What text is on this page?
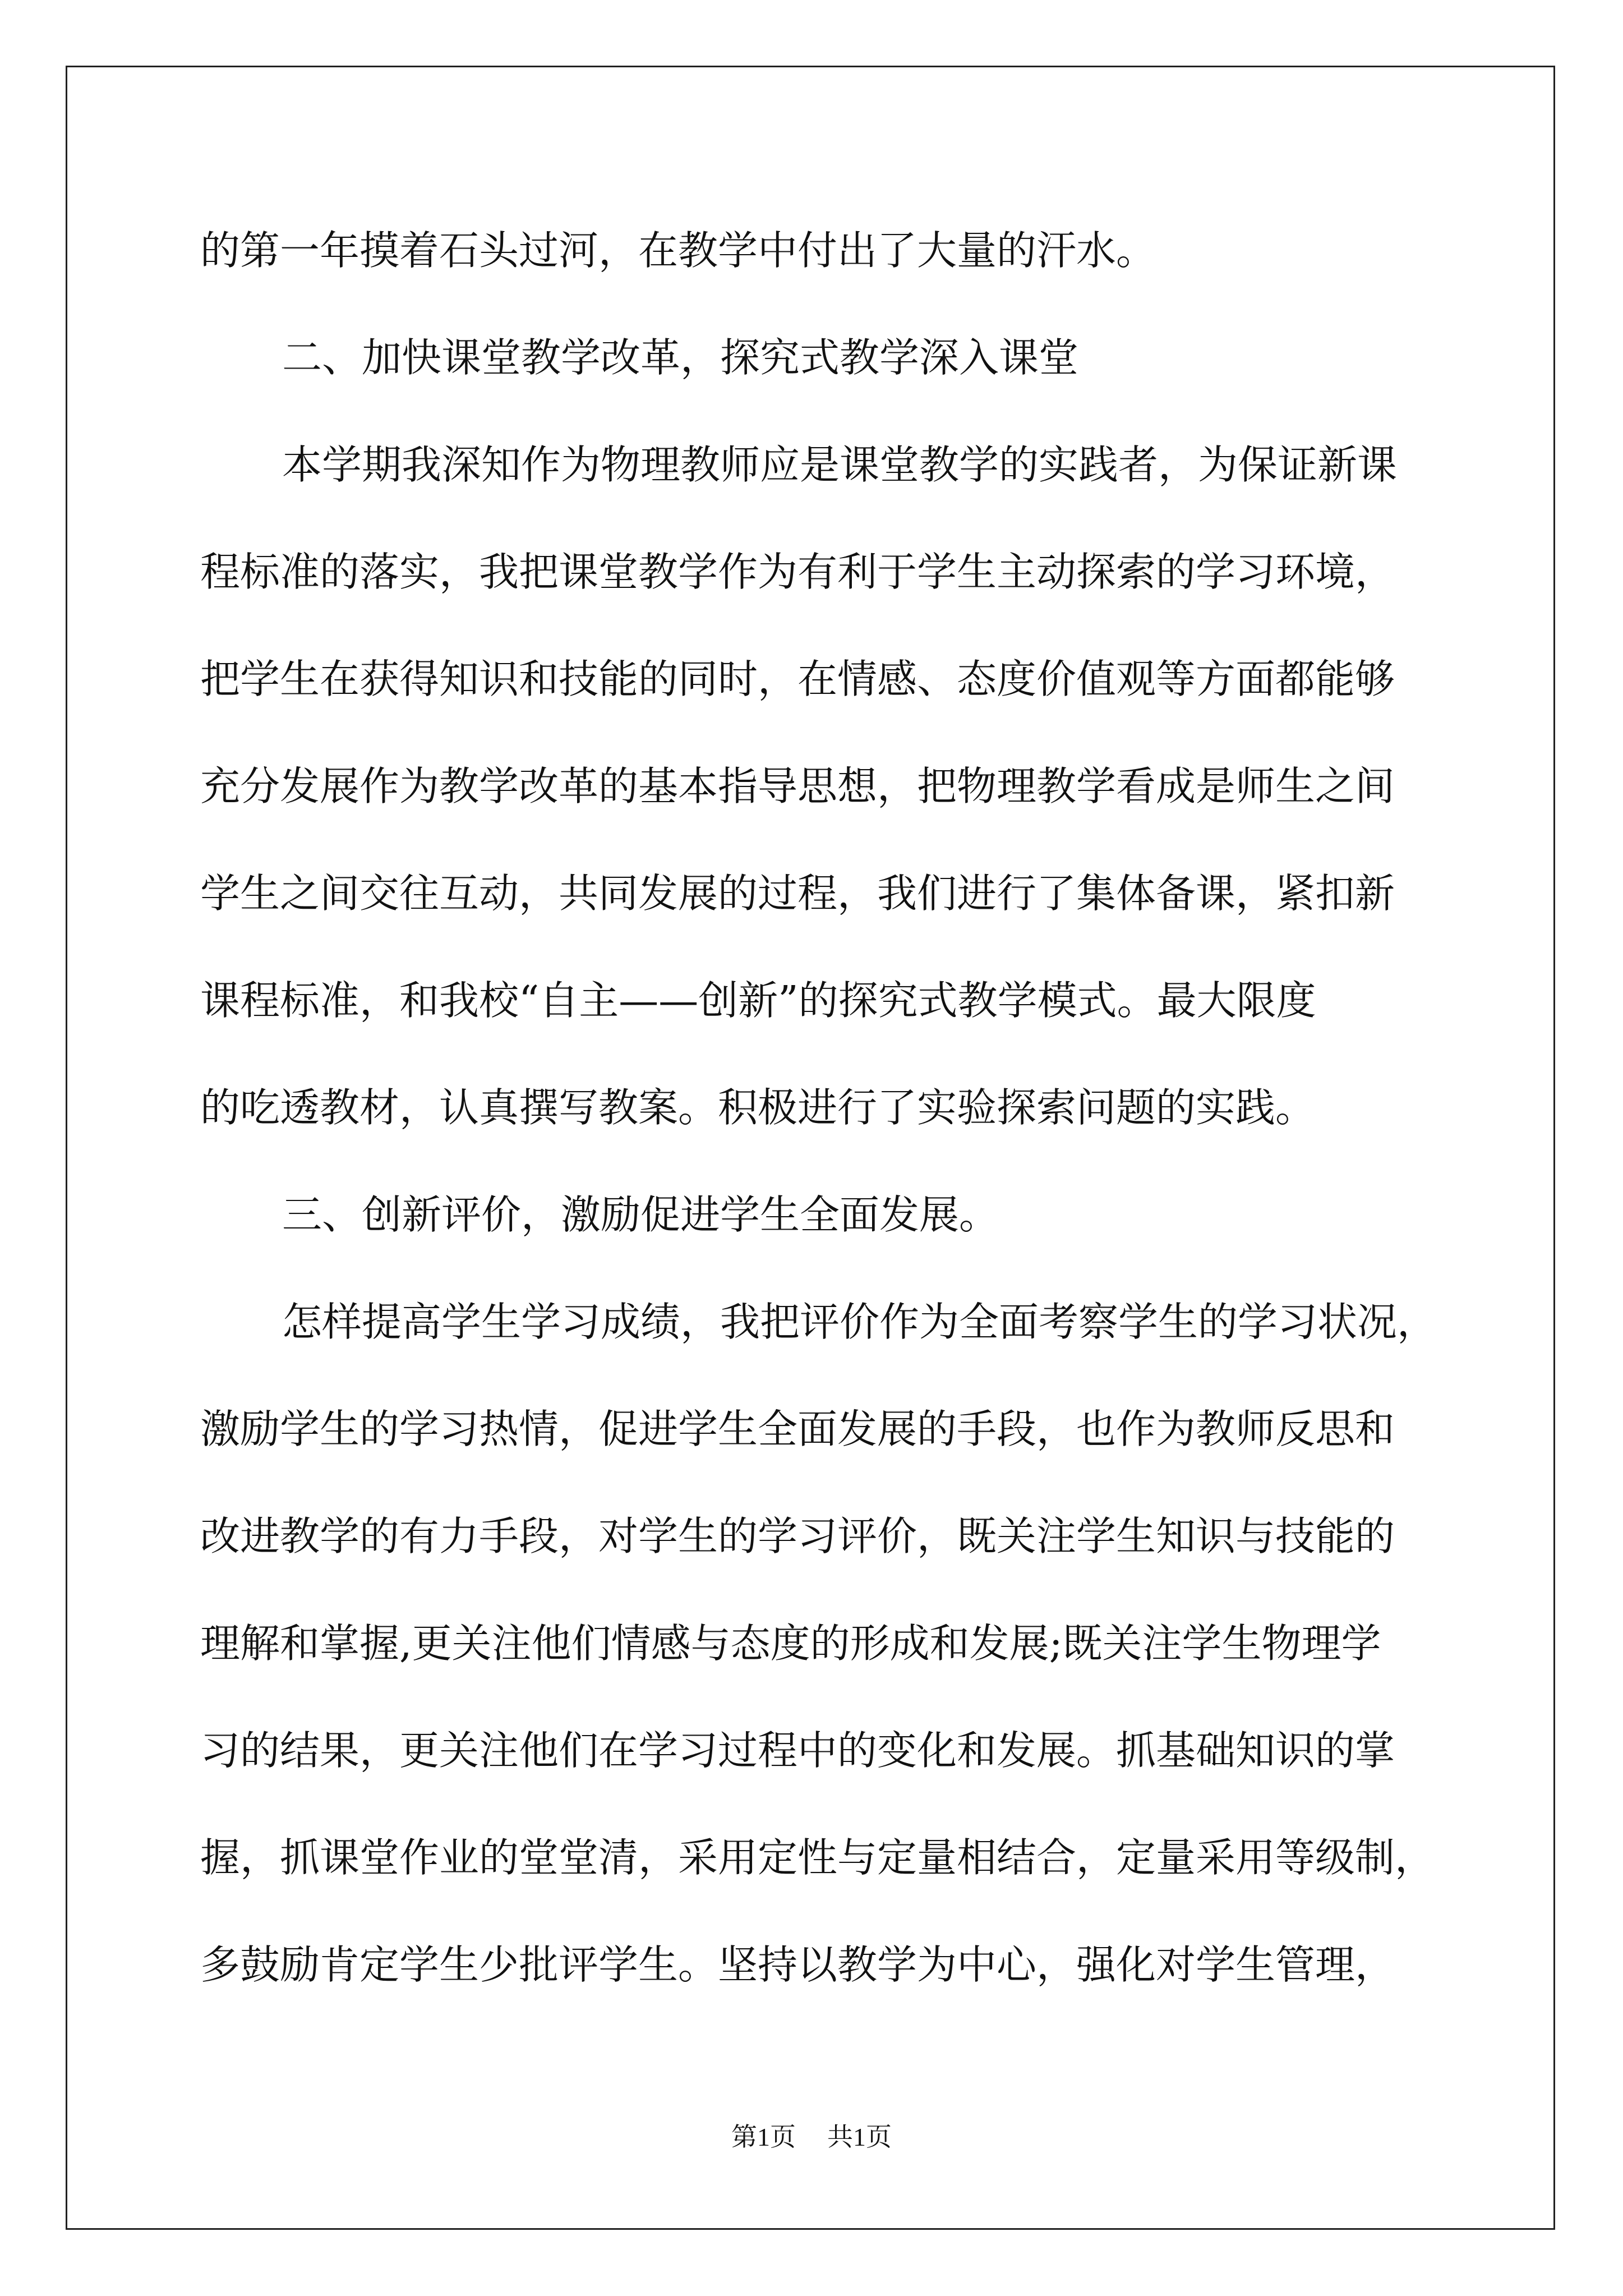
的第一年摸着石头过河，在教学中付出了大量的汗水。
二、加快课堂教学改革，探究式教学深入课堂
本学期我深知作为物理教师应是课堂教学的实践者，为保证新课
程标准的落实，我把课堂教学作为有利于学生主动探索的学习环境，
把学生在获得知识和技能的同时，在情感、态度价值观等方面都能够
充分发展作为教学改革的基本指导思想，把物理教学看成是师生之间
学生之间交往互动，共同发展的过程，我们进行了集体备课，紧扣新
课程标准，和我校“自主——创新”的探究式教学模式。最大限度
的吃透教材，认真撰写教案。积极进行了实验探索问题的实践。
三、创新评价，激励促进学生全面发展。
怎样提高学生学习成绩，我把评价作为全面考察学生的学习状况，
激励学生的学习热情，促进学生全面发展的手段，也作为教师反思和
改进教学的有力手段，对学生的学习评价，既关注学生知识与技能的
理解和掌握,更关注他们情感与态度的形成和发展;既关注学生物理学
习的结果，更关注他们在学习过程中的变化和发展。抓基础知识的掌
握，抓课堂作业的堂堂清，采用定性与定量相结合，定量采用等级制，
多鼓励肯定学生少批评学生。坚持以教学为中心，强化对学生管理，
第1页 共1页
